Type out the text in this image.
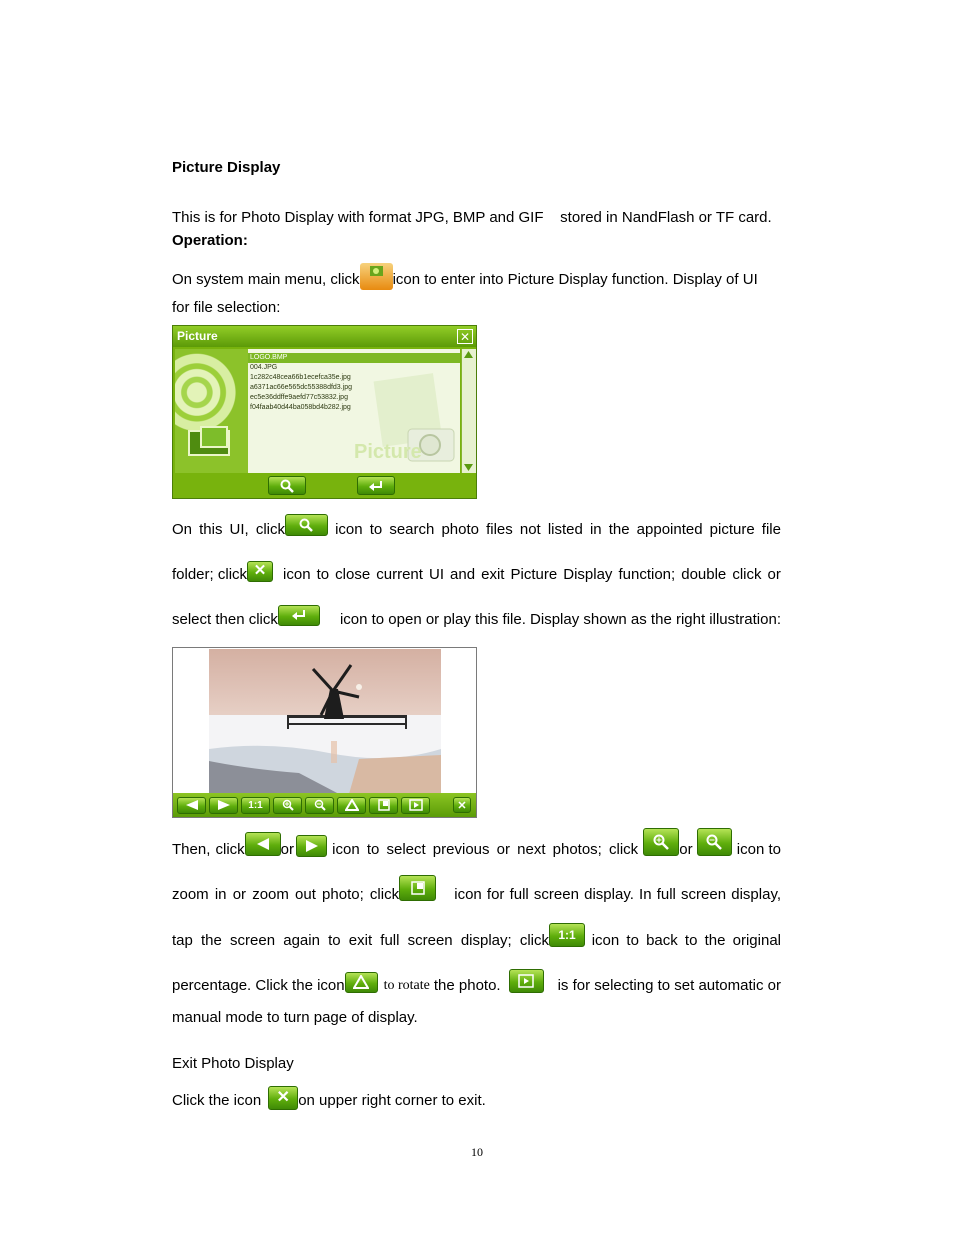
Picture Display
This is for Photo Display with format JPG, BMP and GIF    stored in NandFlash or TF card.
Operation:
On system main menu, click icon to enter into Picture Display function. Display of UI
for file selection:
Picture	✕
LOGO.BMP
004.JPG
1c282c48cea66b1ecefca35e.jpg
a6371ac66e565dc55388dfd3.jpg
ec5e36ddffe9aefd77c53832.jpg
f04faab40d44ba058bd4b282.jpg
Picture
On this UI, click	icon to search photo files not listed in the appointed picture file
folder; click ✕	icon to close current UI and exit Picture Display function; double click or
select then click	icon to open or play this file. Display shown as the right illustration:
1:1	✕
Then, click or	icon to select previous or next photos; click	or	icon to
zoom in or zoom out photo; click	icon for full screen display. In full screen display,
tap the screen again to exit full screen display; click 1:1	icon to back to the original
percentage. Click the icon	to rotate the photo.	is for selecting to set automatic or
manual mode to turn page of display.
Exit Photo Display
Click the icon ✕ on upper right corner to exit.
10
